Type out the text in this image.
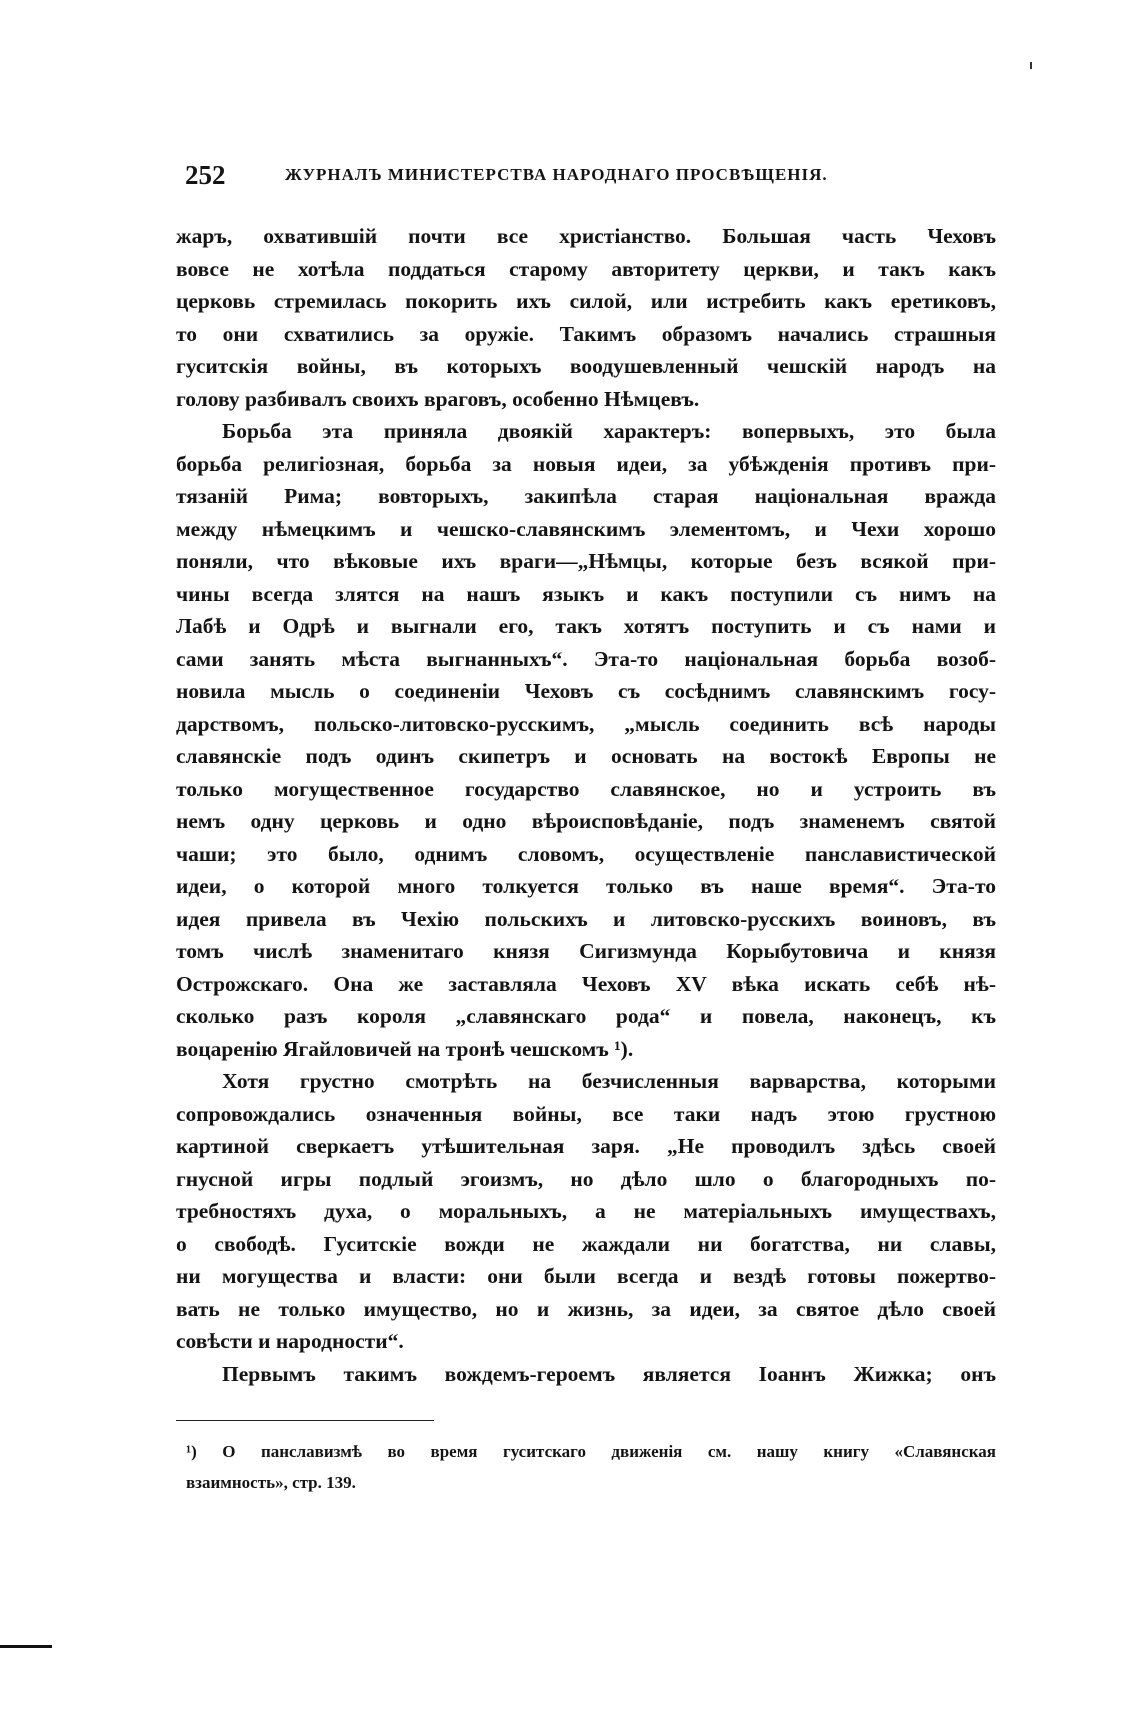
252	ЖУРНАЛЪ МИНИСТЕРСТВА НАРОДНАГО ПРОСВѢЩЕНІЯ.
жаръ, охватившій почти все христіанство. Большая часть Чеховъ
вовсе не хотѣла поддаться старому авторитету церкви, и такъ какъ
церковь стремилась покорить ихъ силой, или истребить какъ еретиковъ,
то они схватились за оружіе. Такимъ образомъ начались страшныя
гуситскія войны, въ которыхъ воодушевленный чешскій народъ на
голову разбивалъ своихъ враговъ, особенно Нѣмцевъ.
Борьба эта приняла двоякій характеръ: вопервыхъ, это была
борьба религіозная, борьба за новыя идеи, за убѣжденія противъ при-
тязаній Рима; вовторыхъ, закипѣла старая національная вражда
между нѣмецкимъ и чешско-славянскимъ элементомъ, и Чехи хорошо
поняли, что вѣковые ихъ враги—„Нѣмцы, которые безъ всякой при-
чины всегда злятся на нашъ языкъ и какъ поступили съ нимъ на
Лабѣ и Одрѣ и выгнали его, такъ хотятъ поступить и съ нами и
сами занять мѣста выгнанныхъ“. Эта-то національная борьба возоб-
новила мысль о соединеніи Чеховъ съ сосѣднимъ славянскимъ госу-
дарствомъ, польско-литовско-русскимъ, „мысль соединить всѣ народы
славянскіе подъ одинъ скипетръ и основать на востокѣ Европы не
только могущественное государство славянское, но и устроить въ
немъ одну церковь и одно вѣроисповѣданіе, подъ знаменемъ святой
чаши; это было, однимъ словомъ, осуществленіе панславистической
идеи, о которой много толкуется только въ наше время“. Эта-то
идея привела въ Чехію польскихъ и литовско-русскихъ воиновъ, въ
томъ числѣ знаменитаго князя Сигизмунда Корыбутовича и князя
Острожскаго. Она же заставляла Чеховъ XV вѣка искать себѣ нѣ-
сколько разъ короля „славянскаго рода“ и повела, наконецъ, къ
воцаренію Ягайловичей на тронѣ чешскомъ ¹).
Хотя грустно смотрѣть на безчисленныя варварства, которыми
сопровождались означенныя войны, все таки надъ этою грустною
картиной сверкаетъ утѣшительная заря. „Не проводилъ здѣсь своей
гнусной игры подлый эгоизмъ, но дѣло шло о благородныхъ по-
требностяхъ духа, о моральныхъ, а не матеріальныхъ имуществахъ,
о свободѣ. Гуситскіе вожди не жаждали ни богатства, ни славы,
ни могущества и власти: они были всегда и вездѣ готовы пожертво-
вать не только имущество, но и жизнь, за идеи, за святое дѣло своей
совѣсти и народности“.
Первымъ такимъ вождемъ-героемъ является Іоаннъ Жижка; онъ
¹) О панславизмѣ во время гуситскаго движенія см. нашу книгу «Славянская
взаимность», стр. 139.
